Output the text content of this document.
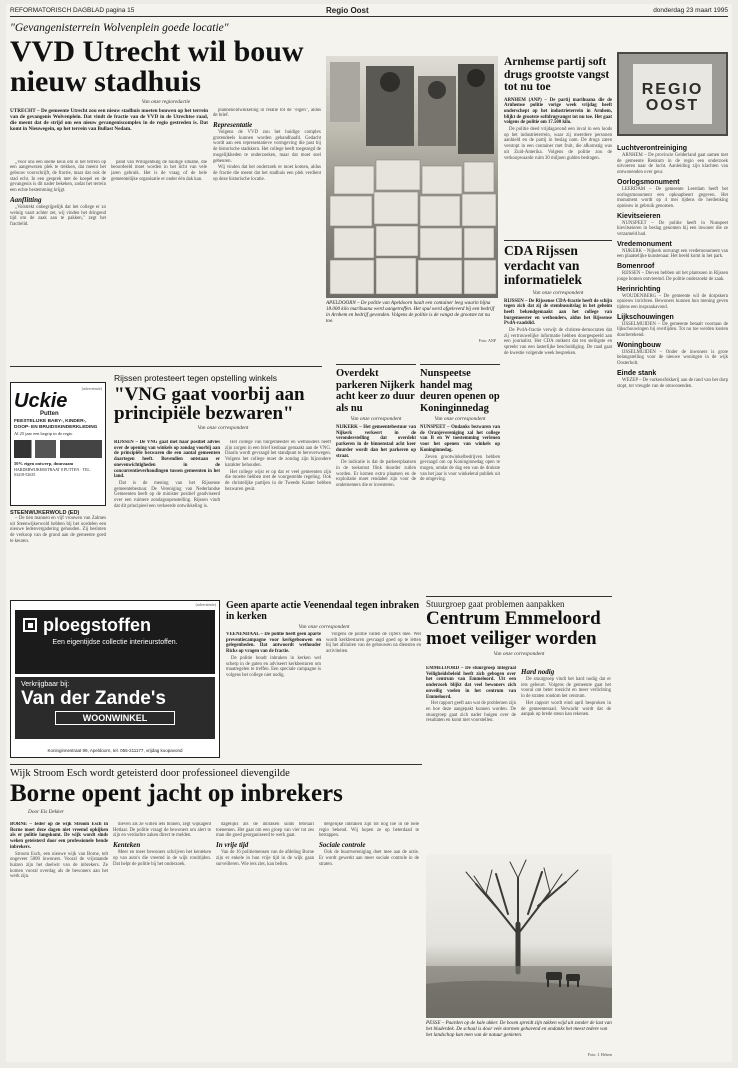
REFORMATORISCH DAGBLAD pagina 15	Regio Oost	donderdag 23 maart 1995
"Gevangenisterrein Wolvenplein goede locatie"
VVD Utrecht wil bouw nieuw stadhuis
Van onze regioredactie

UTRECHT – De gemeente Utrecht zou een nieuw stadhuis moeten bouwen op het terrein van de gevangenis Wolvenplein. Dat vindt de fractie van de VVD in de Utrechtse raad, die meent dat de strijd om een nieuw gevangeniscomplex in de regio gestreden is. Dat komt in Nieuwegein, op het terrein van Bullast Nedam.

„Voor ons een snelle keus om in het terrein op een aangewezen plek te trekken, dat meent het gebouw voorschrijft, de fractie, maar dat ook de stad echt. In een gesprek met de koepel en de gevangenis is dit nader bekeken, zodat het terrein een echte bestemming krijgt.

Aanflitting

„Volstrekt onbegrijpelijk dat het college er zo weinig vaart achter zet, wij vinden het dringend tijd om de zaak aan te pakken," zegt het fractielid.

pand van Willigenburg de huidige situatie, die beoordeeld moet worden in het licht van vele jaren gebruik. Het is de vraag of de hele gemeentelijke organisatie er onder één dak kan.

plannenontwikkeling in relatie tot de "eigen", aldus de brief.

Representatie

Volgens de VVD zou het huidige complex grotendeels kunnen worden gehandhaafd. Gedacht wordt aan een representatieve vormgeving die past bij de historische stadskern. Het college heeft toegezegd de mogelijkheden te onderzoeken, maar dat moet snel gebeuren.

Wij vinden dat het onderzoek er moet komen, aldus de fractie die meent dat het stadhuis een plek verdient op deze historische locatie.

APELDOORN – De politie van Apeldoorn haalt een container leeg waarin bijna 18.000 kilo marihuana werd aangetroffen. Het spul werd afgeleverd bij een bedrijf in Arnhem en bedrijf gevonden. Volgens de politie is de vangst de grootste tot nu toe.

Foto: ANP
Arnhemse partij soft drugs grootste vangst tot nu toe

ARNHEM (ANP) – De partij marihuana die de Arnhemse politie vorige week vrijdag heeft onderschept op het industrieterrein in Arnhem, blijkt de grootste softdrugvangst tot nu toe. Het gaat volgens de politie om 17.500 kilo.

De politie deed vrijdagavond een inval in een loods op het industrieterrein, waar zij meerdere personen aanhield en de partij in beslag nam. De drugs zaten verstopt in een container met fruit, die afkomstig was uit Zuid-Amerika. Volgens de politie zou de verkoopwaarde ruim 30 miljoen gulden bedragen.

CDA Rijssen verdacht van informatielek
Van onze correspondent

RIJSSEN – De Rijssense CDA-fractie heeft de schijn tegen zich dat zij de stembusuitslag in het geheim heeft bekendgemaakt aan het college van burgemeester en wethouders, aldus het Rijssense PvdA-raadslid.

De PvdA-fractie verwijt de christen-democraten dat zij vertrouwelijke informatie hebben doorgespeeld aan een journalist. Het CDA ontkent dat ten stelligste en spreekt van een lasterlijke beschuldiging. De raad gaat de kwestie volgende week bespreken.

REGIO OOST
Luchtverontreiniging

ARNHEM – De provincie Gelderland gaat samen met de gemeente Renkum in de regio een onderzoek uitvoeren naar de lucht. Aanleiding zijn klachten van omwonenden over geur.

Oorlogsmonument

LEERDAM – De gemeente Leerdam heeft het oorlogsmonument een opknapbeurt gegeven. Het monument wordt op 4 mei tijdens de herdenking opnieuw in gebruik genomen.

Kievitseieren

NUNSPEET – De politie heeft in Nunspeet kievitseieren in beslag genomen bij een inwoner die ze verzameld had.

Vredemonument

NIJKERK – Nijkerk ontvangt een vredemonument van een plaatselijke kunstenaar. Het beeld komt in het park.

Bomenroof

RIJSSEN – Dieven hebben uit het plantsoen in Rijssen jonge bomen ontvreemd. De politie onderzoekt de zaak.

Herinrichting

WOUDENBERG – De gemeente wil de dorpskern opnieuw inrichten. Bewoners kunnen hun mening geven tijdens een inspraakavond.

Lijkschouwingen

IJSSELMUIDEN – De gemeente betaalt voortaan de lijkschouwingen bij overlijden. Tot nu toe werden kosten doorberekend.

Woningbouw

IJSSELMUIDEN – Onder de inwoners is grote belangstelling voor de nieuwe woningen in de wijk Oosterholt.

Einde stank

WEZEP – De varkensfokkerij aan de rand van het dorp stopt, tot vreugde van de omwonenden.

(advertentie)
Uckie
Putten
FEESTELIJKE BABY-, KINDER-, DOOP- EN BRUIDSKINDERKLEDING
Al 25 jaar een begrip in de regio
50% eigen ontwerp, duurzaam
HARDERWIJKERSTRAAT 8 PUTTEN · TEL. 03418-52635
STEENWIJKERWOLD (ED)

– De tien mannen en vijf vrouwen van Zalmes uit Steenwijkerwold hebben bij het oordelen een nieuwe ledenvergadering gehouden. Zij besloten de verkoop van de grond aan de gemeente goed te keuren.

Rijssen protesteert tegen opstelling winkels
"VNG gaat voorbij aan principiële bezwaren"
Van onze correspondent

RIJSSEN – De VNG gaat met haar positief advies over de opening van winkels op zondag voorbij aan de principiële bezwaren die een aantal gemeenten daartegen heeft. Bovendien ontstaan er onevenwichtigheden in de concurrentieverhoudingen tussen gemeenten in het land.

Dat is de mening van het Rijssense gemeentebestuur. De Vereniging van Nederlandse Gemeenten heeft op de minister positief geadviseerd over een ruimere zondagsopenstelling. Rijssen vindt dat dit principieel een verkeerde ontwikkeling is.

Het college van burgemeester en wethouders heeft zijn zorgen in een brief kenbaar gemaakt aan de VNG. Daarin wordt gevraagd het standpunt te heroverwegen. Volgens het college moet de zondag zijn bijzondere karakter behouden.

Het college wijst er op dat er veel gemeenten zijn die moeite hebben met de voorgestelde regeling. Ook de christelijke partijen in de Tweede Kamer hebben bezwaren geuit.

Overdekt parkeren Nijkerk acht keer zo duur als nu
Van onze correspondent

NIJKERK – Het gemeentebestuur van Nijkerk verkeert in de veronderstelling dat overdekt parkeren in de binnenstad acht keer duurder wordt dan het parkeren op straat.

De indicatie is dat de parkeerplaatsen in de toekomst flink duurder zullen worden. Er komen extra plaatsen en de exploitatie moet rendabel zijn voor de ondernemers die er investeren.

Nunspeetse handel mag deuren openen op Koninginnedag
Van onze correspondent

NUNSPEET – Ondanks bezwaren van de Oranjevereniging zal het college van B en W toestemming verlenen voor het openen van winkels op Koninginnedag.

Zeven grootwinkelbedrijven hebben gevraagd om op Koninginnedag open te mogen, omdat de dag een van de drukste van het jaar is voor winkelend publiek uit de omgeving.

(advertentie)
ploegstoffen
Een eigentijdse collectie interieurstoffen.
Verkrijgbaar bij:
Van der Zande's
WOONWINKEL
Koninginnestraat 99, Apeldoorn, tel. 055-211177, vrijdag koopavond
Geen aparte actie Veenendaal tegen inbraken in kerken
Van onze correspondent

VEENENDAAL – De politie heeft geen aparte preventiecampagne voor kerkgebouwen en gelegenheden. Dat antwoordt wethouder Ricks op vragen van de fractie.

De politie houdt inbraken in kerken wel scherp in de gaten en adviseert kerkbesturen om maatregelen te treffen. Een speciale campagne is volgens het college niet nodig.

Volgens de politie vallen de cijfers mee. Wel wordt kerkbesturen gevraagd goed op te letten bij het afsluiten van de gebouwen na diensten en activiteiten.

Stuurgroep gaat problemen aanpakken
Centrum Emmeloord moet veiliger worden
Van onze correspondent

EMMELOORD – De stuurgroep Integraal Veiligheidsbeleid heeft zich gebogen over het centrum van Emmeloord. Uit een onderzoek blijkt dat veel bewoners zich onveilig voelen in het centrum van Emmeloord.

Het rapport geeft aan wat de problemen zijn en hoe deze aangepakt kunnen worden. De stuurgroep gaat zich nader buigen over de resultaten en komt met voorstellen.

Hard nodig

De stuurgroep vindt het hard nodig dat er iets gebeurt. Volgens de gemeente gaat het vooral om beter toezicht en meer verlichting in de straten rondom het centrum.

Het rapport wordt eind april besproken in de gemeenteraad. Verwacht wordt dat de aanpak op brede steun kan rekenen.

Wijk Stroom Esch wordt geteisterd door professioneel dievengilde
Borne opent jacht op inbrekers
Door Els Dekker

BORNE – Ieder op de wijk Stroom Esch in Borne moet deze dagen niet vreemd opkijken als er politie langskomt. De wijk wordt sinds weken geteisterd door een professionele bende inbrekers.

Stroom Esch, een nieuwe wijk van Borne, telt ongeveer 5000 inwoners. Vooral de vrijstaande huizen zijn het doelwit van de inbrekers. Ze komen vooral overdag als de bewoners aan het werk zijn.

dieven als ze willen iets binnen, zegt wijkagent Hetlaar. De politie vraagt de bewoners om alert te zijn en verdachte zaken direct te melden.

Kenteken

Meer en meer bewoners schrijven het kenteken op van auto's die vreemd in de wijk rondrijden. Dat helpt de politie bij het onderzoek.

dagelijks als de inbraken sinds februari toenemen. Het gaat om een groep van vier tot zes man die goed georganiseerd te werk gaat.

In vrije tijd

Van de 16 politiemensen van de afdeling Borne zijn er enkele in hun vrije tijd in de wijk gaan surveilleren. Wie iets ziet, kan bellen.

dergelijke inbraken zijn tot nog toe in de hele regio bekend. Wij hopen ze op heterdaad te betrappen.

Sociale controle

Ook de buurtvereniging doet mee aan de actie. Er wordt gewerkt aan meer sociale controle in de straten.

PESSE – Paarden op de kale akker. De boom spreidt zijn takken wijd uit zonder de last van het bladerdek. De schaal is door vele stormen gehavend en ondanks het meest tedere van het landschap kan men van de natuur genieten.

Foto: J. Helsen
